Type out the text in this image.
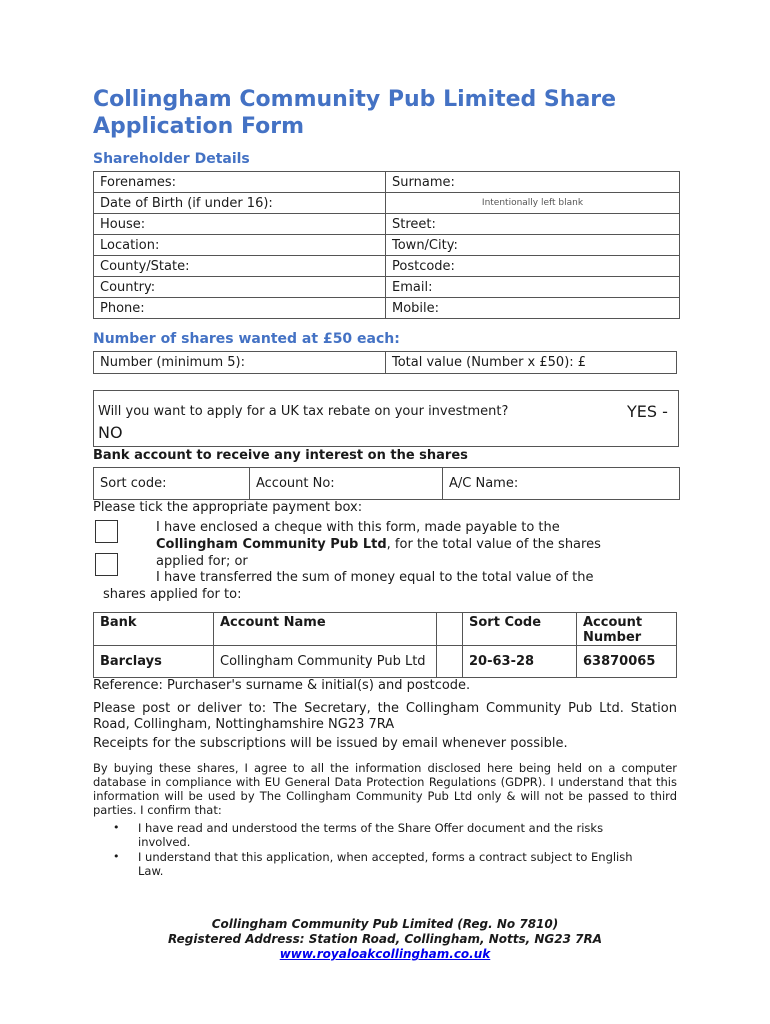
Collingham Community Pub Limited Share Application Form
Shareholder Details
Forenames:	Surname:
Date of Birth (if under 16):	Intentionally left blank
House:	Street:
Location:	Town/City:
County/State:	Postcode:
Country:	Email:
Phone:	Mobile:
Number of shares wanted at £50 each:
Number (minimum 5):	Total value (Number x £50): £
Will you want to apply for a UK tax rebate on your investment?	YES -
NO

Bank account to receive any interest on the shares

Sort code:	Account No:	A/C Name:
Please tick the appropriate payment box:
I have enclosed a cheque with this form, made payable to the
Collingham Community Pub Ltd, for the total value of the shares
applied for; or
I have transferred the sum of money equal to the total value of the
shares applied for to:
Bank	Account Name		Sort Code	Account Number
Barclays	Collingham Community Pub Ltd		20-63-28	63870065
Reference: Purchaser's surname & initial(s) and postcode.
Please post or deliver to: The Secretary, the Collingham Community Pub Ltd. Station Road, Collingham, Nottinghamshire NG23 7RA
Receipts for the subscriptions will be issued by email whenever possible.
By buying these shares, I agree to all the information disclosed here being held on a computer database in compliance with EU General Data Protection Regulations (GDPR). I understand that this information will be used by The Collingham Community Pub Ltd only & will not be passed to third parties. I confirm that:
• I have read and understood the terms of the Share Offer document and the risks involved.
• I understand that this application, when accepted, forms a contract subject to English Law.
Collingham Community Pub Limited (Reg. No 7810)
Registered Address: Station Road, Collingham, Notts, NG23 7RA
www.royaloakcollingham.co.uk
